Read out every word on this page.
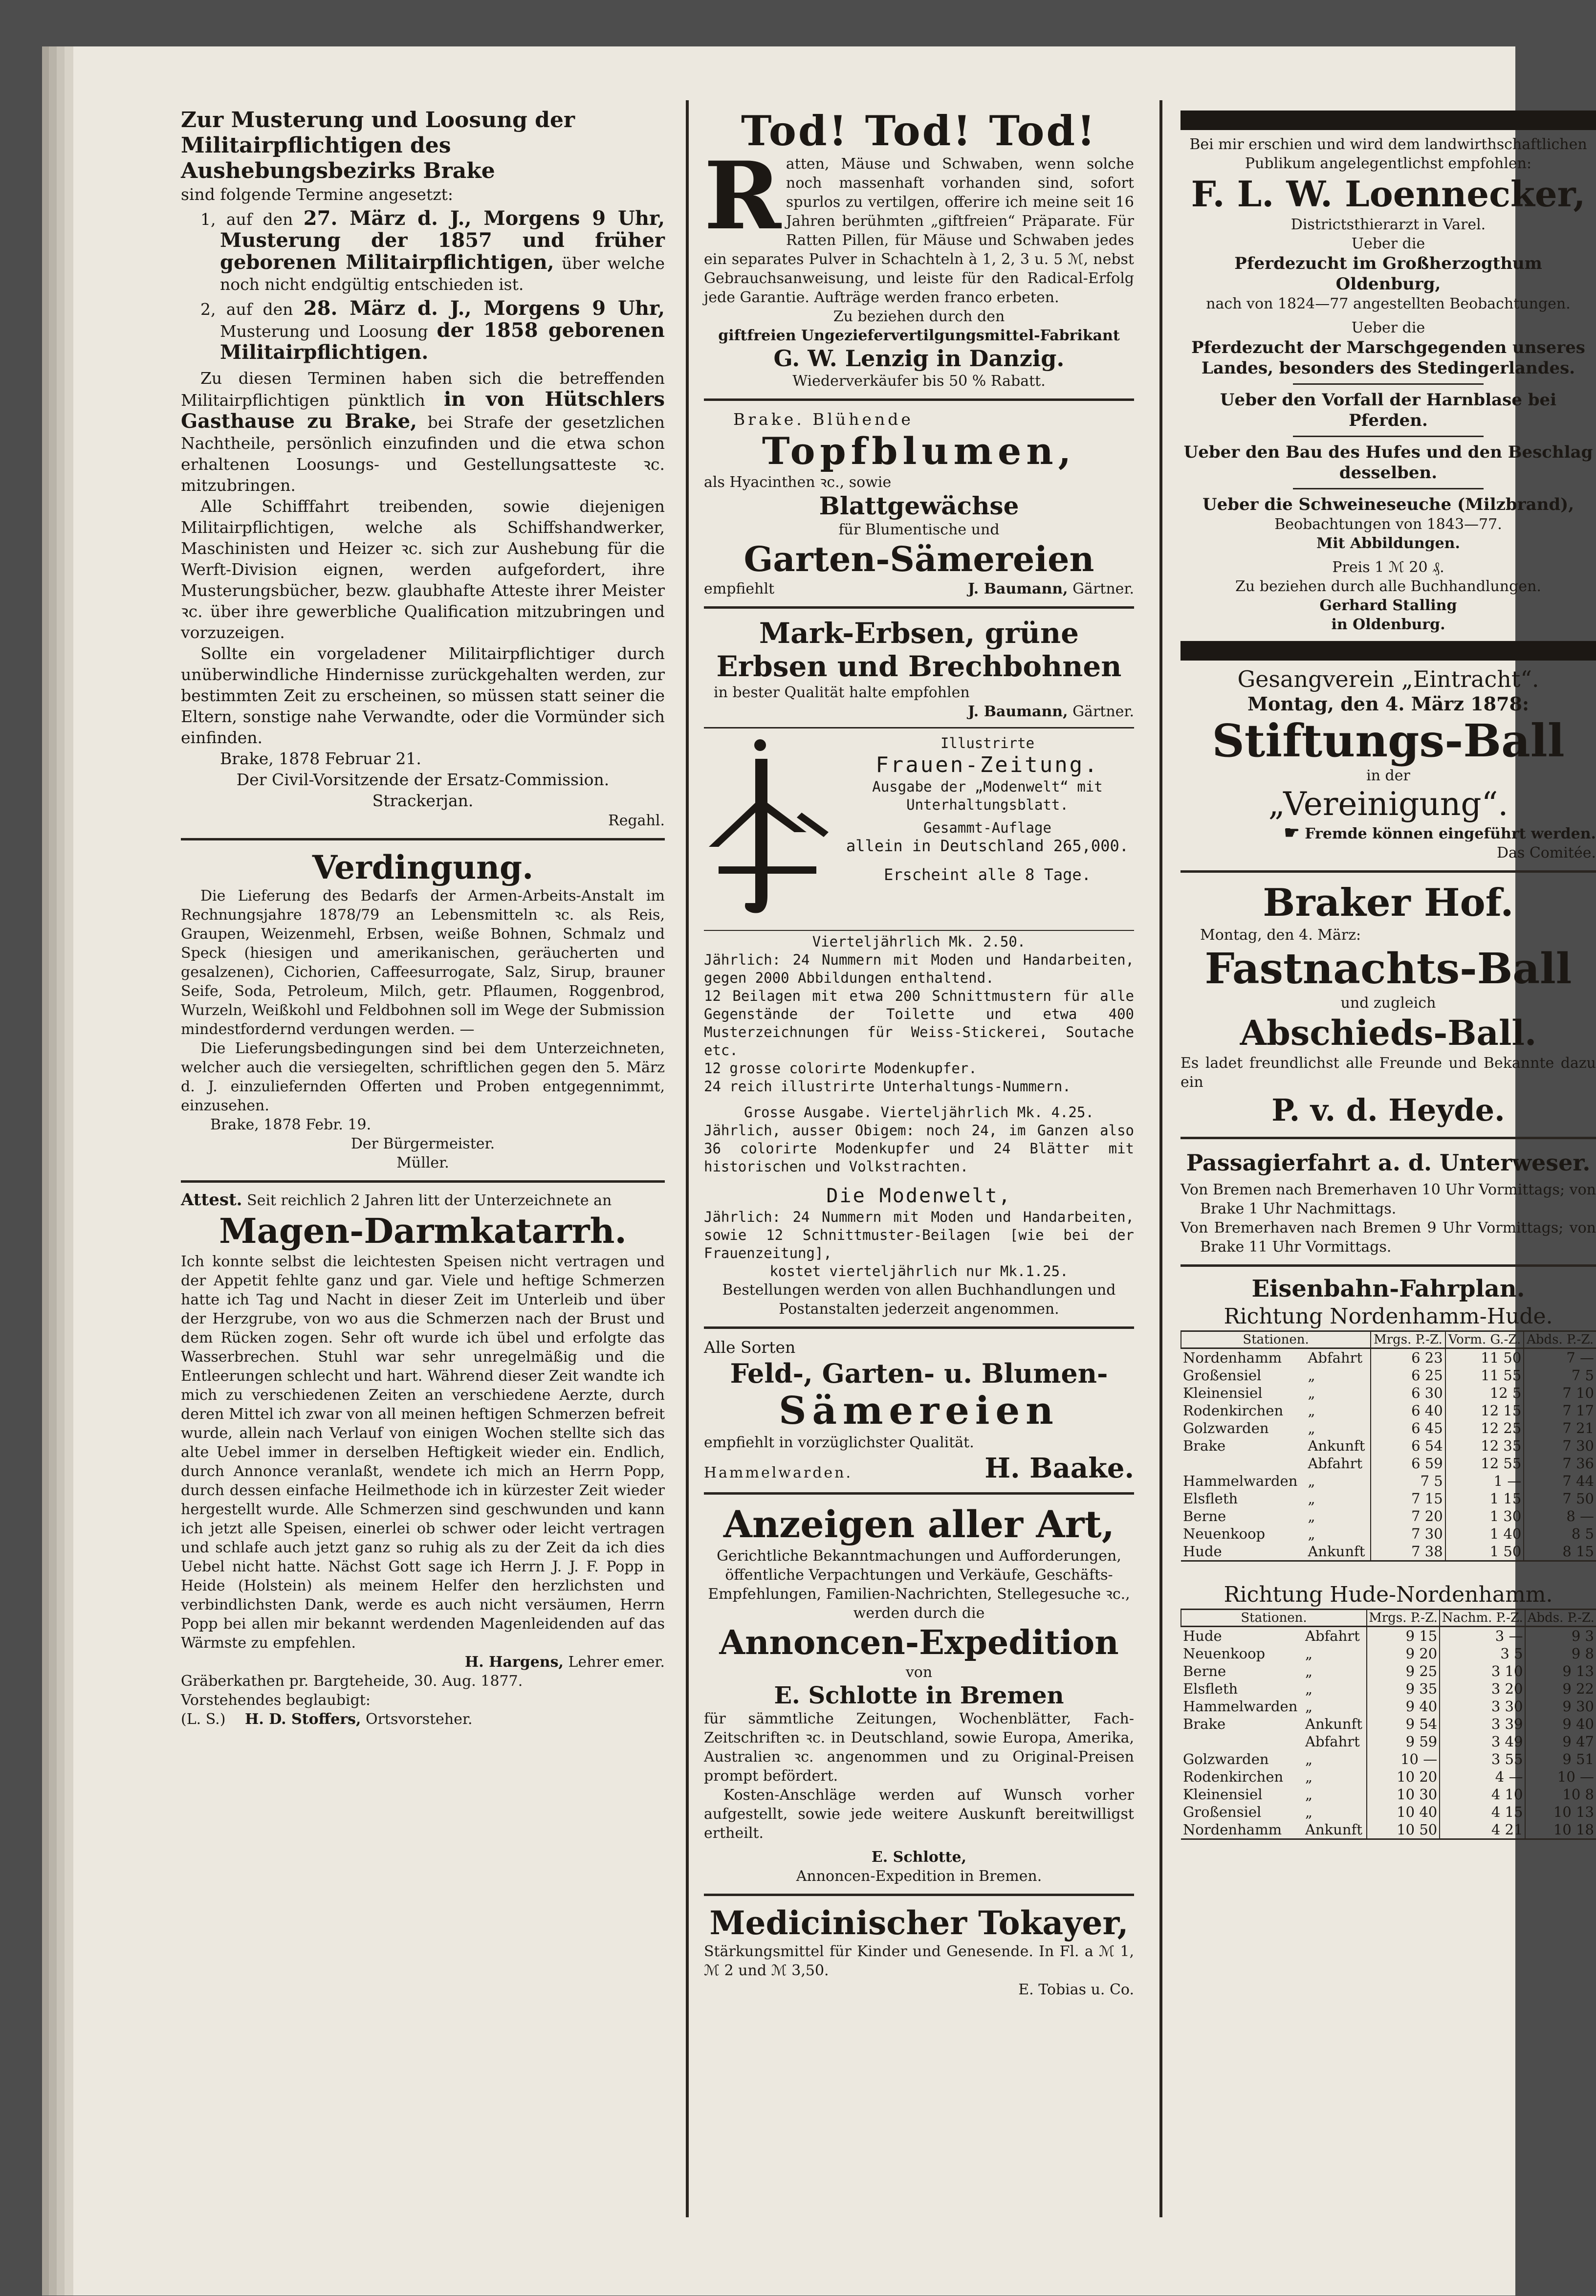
Zur Musterung und Loosung der Militairpflichtigen des Aushebungsbezirks Brake

sind folgende Termine angesetzt:

1, auf den 27. März d. J., Morgens 9 Uhr, Musterung der 1857 und früher geborenen Militairpflichtigen, über welche noch nicht endgültig entschieden ist.

2, auf den 28. März d. J., Morgens 9 Uhr, Musterung und Loosung der 1858 geborenen Militairpflichtigen.

Zu diesen Terminen haben sich die betreffenden Militairpflichtigen pünktlich in von Hütschlers Gasthause zu Brake, bei Strafe der gesetzlichen Nachtheile, persönlich einzufinden und die etwa schon erhaltenen Loosungs- und Gestellungsatteste ꝛc. mitzubringen.

Alle Schifffahrt treibenden, sowie diejenigen Militairpflichtigen, welche als Schiffshandwerker, Maschinisten und Heizer ꝛc. sich zur Aushebung für die Werft-Division eignen, werden aufgefordert, ihre Musterungsbücher, bezw. glaubhafte Atteste ihrer Meister ꝛc. über ihre gewerbliche Qualification mitzubringen und vorzuzeigen.

Sollte ein vorgeladener Militairpflichtiger durch unüberwindliche Hindernisse zurückgehalten werden, zur bestimmten Zeit zu erscheinen, so müssen statt seiner die Eltern, sonstige nahe Verwandte, oder die Vormünder sich einfinden.

Brake, 1878 Februar 21.

Der Civil-Vorsitzende der Ersatz-Commission.

Strackerjan.

Regahl.

Verdingung.

Die Lieferung des Bedarfs der Armen-Arbeits-Anstalt im Rechnungsjahre 1878/79 an Lebensmitteln ꝛc. als Reis, Graupen, Weizenmehl, Erbsen, weiße Bohnen, Schmalz und Speck (hiesigen und amerikanischen, geräucherten und gesalzenen), Cichorien, Caffeesurrogate, Salz, Sirup, brauner Seife, Soda, Petroleum, Milch, getr. Pflaumen, Roggenbrod, Wurzeln, Weißkohl und Feldbohnen soll im Wege der Submission mindestfordernd verdungen werden. —

Die Lieferungsbedingungen sind bei dem Unterzeichneten, welcher auch die versiegelten, schriftlichen gegen den 5. März d. J. einzuliefernden Offerten und Proben entgegennimmt, einzusehen.

Brake, 1878 Febr. 19.

Der Bürgermeister.

Müller.

Attest. Seit reichlich 2 Jahren litt der Unterzeichnete an

Magen-Darmkatarrh.

Ich konnte selbst die leichtesten Speisen nicht vertragen und der Appetit fehlte ganz und gar. Viele und heftige Schmerzen hatte ich Tag und Nacht in dieser Zeit im Unterleib und über der Herzgrube, von wo aus die Schmerzen nach der Brust und dem Rücken zogen. Sehr oft wurde ich übel und erfolgte das Wasserbrechen. Stuhl war sehr unregelmäßig und die Entleerungen schlecht und hart. Während dieser Zeit wandte ich mich zu verschiedenen Zeiten an verschiedene Aerzte, durch deren Mittel ich zwar von all meinen heftigen Schmerzen befreit wurde, allein nach Verlauf von einigen Wochen stellte sich das alte Uebel immer in derselben Heftigkeit wieder ein. Endlich, durch Annonce veranlaßt, wendete ich mich an Herrn Popp, durch dessen einfache Heilmethode ich in kürzester Zeit wieder hergestellt wurde. Alle Schmerzen sind geschwunden und kann ich jetzt alle Speisen, einerlei ob schwer oder leicht vertragen und schlafe auch jetzt ganz so ruhig als zu der Zeit da ich dies Uebel nicht hatte. Nächst Gott sage ich Herrn J. J. F. Popp in Heide (Holstein) als meinem Helfer den herzlichsten und verbindlichsten Dank, werde es auch nicht versäumen, Herrn Popp bei allen mir bekannt werdenden Magenleidenden auf das Wärmste zu empfehlen.

H. Hargens, Lehrer emer.

Gräberkathen pr. Bargteheide, 30. Aug. 1877.

Vorstehendes beglaubigt:

(L. S.) H. D. Stoffers, Ortsvorsteher.

Tod! Tod! Tod!

R atten, Mäuse und Schwaben, wenn solche noch massenhaft vorhanden sind, sofort spurlos zu vertilgen, offerire ich meine seit 16 Jahren berühmten „giftfreien“ Präparate. Für Ratten Pillen, für Mäuse und Schwaben jedes ein separates Pulver in Schachteln à 1, 2, 3 u. 5 ℳ, nebst Gebrauchsanweisung, und leiste für den Radical-Erfolg jede Garantie. Aufträge werden franco erbeten.

Zu beziehen durch den

giftfreien Ungeziefervertilgungsmittel-Fabrikant

G. W. Lenzig in Danzig.

Wiederverkäufer bis 50 % Rabatt.

Brake. Blühende

Topfblumen,

als Hyacinthen ꝛc., sowie

Blattgewächse

für Blumentische und

Garten-Sämereien

empfiehlt	J. Baumann, Gärtner.

Mark-Erbsen, grüne Erbsen und Brechbohnen

in bester Qualität halte empfohlen

J. Baumann, Gärtner.

Illustrirte

Frauen-Zeitung.

Ausgabe der „Modenwelt“ mit Unterhaltungsblatt.

Gesammt-Auflage

allein in Deutschland 265,000.

Erscheint alle 8 Tage.

Vierteljährlich Mk. 2.50.

Jährlich: 24 Nummern mit Moden und Handarbeiten, gegen 2000 Abbildungen enthaltend.

12 Beilagen mit etwa 200 Schnittmustern für alle Gegenstände der Toilette und etwa 400 Musterzeichnungen für Weiss-Stickerei, Soutache etc.

12 grosse colorirte Modenkupfer.

24 reich illustrirte Unterhaltungs-Nummern.

Grosse Ausgabe. Vierteljährlich Mk. 4.25.

Jährlich, ausser Obigem: noch 24, im Ganzen also 36 colorirte Modenkupfer und 24 Blätter mit historischen und Volkstrachten.

Die Modenwelt,

Jährlich: 24 Nummern mit Moden und Handarbeiten, sowie 12 Schnittmuster-Beilagen [wie bei der Frauenzeitung],

kostet vierteljährlich nur Mk.1.25.

Bestellungen werden von allen Buchhandlungen und Postanstalten jederzeit angenommen.

Alle Sorten

Feld-, Garten- u. Blumen-

Sämereien

empfiehlt in vorzüglichster Qualität.

Hammelwarden.	H. Baake.

Anzeigen aller Art,

Gerichtliche Bekanntmachungen und Aufforderungen, öffentliche Verpachtungen und Verkäufe, Geschäfts-Empfehlungen, Familien-Nachrichten, Stellegesuche ꝛc., werden durch die

Annoncen-Expedition

von

E. Schlotte in Bremen

für sämmtliche Zeitungen, Wochenblätter, Fach-Zeitschriften ꝛc. in Deutschland, sowie Europa, Amerika, Australien ꝛc. angenommen und zu Original-Preisen prompt befördert.

Kosten-Anschläge werden auf Wunsch vorher aufgestellt, sowie jede weitere Auskunft bereitwilligst ertheilt.

E. Schlotte,

Annoncen-Expedition in Bremen.

Medicinischer Tokayer,

Stärkungsmittel für Kinder und Genesende. In Fl. a ℳ 1, ℳ 2 und ℳ 3,50.

E. Tobias u. Co.

Bei mir erschien und wird dem landwirthschaftlichen Publikum angelegentlichst empfohlen:

F. L. W. Loennecker,

Districtsthierarzt in Varel.

Ueber die

Pferdezucht im Großherzogthum Oldenburg,

nach von 1824—77 angestellten Beobachtungen.

Ueber die

Pferdezucht der Marschgegenden unseres Landes, besonders des Stedingerlandes.

Ueber den Vorfall der Harnblase bei Pferden.

Ueber den Bau des Hufes und den Beschlag desselben.

Ueber die Schweineseuche (Milzbrand),

Beobachtungen von 1843—77.

Mit Abbildungen.

Preis 1 ℳ 20 ₰.

Zu beziehen durch alle Buchhandlungen.

Gerhard Stalling

in Oldenburg.

Gesangverein „Eintracht“.

Montag, den 4. März 1878:

Stiftungs-Ball

in der

„Vereinigung“.

☛ Fremde können eingeführt werden.

Das Comitée.

Braker Hof.

Montag, den 4. März:

Fastnachts-Ball

und zugleich

Abschieds-Ball.

Es ladet freundlichst alle Freunde und Bekannte dazu ein

P. v. d. Heyde.

Passagierfahrt a. d. Unterweser.

Von Bremen nach Bremerhaven 10 Uhr Vormittags; von Brake 1 Uhr Nachmittags.

Von Bremerhaven nach Bremen 9 Uhr Vormittags; von Brake 11 Uhr Vormittags.

Eisenbahn-Fahrplan.

Richtung Nordenhamm-Hude.

Stationen.		Mrgs. P.-Z.	Vorm. G.-Z.	Abds. P.-Z.
Nordenhamm	Abfahrt	6 23	11 50	7 —
Großensiel	„	6 25	11 55	7 5
Kleinensiel	„	6 30	12 5	7 10
Rodenkirchen	„	6 40	12 15	7 17
Golzwarden	„	6 45	12 25	7 21
Brake	Ankunft	6 54	12 35	7 30
	Abfahrt	6 59	12 55	7 36
Hammelwarden	„	7 5	1 —	7 44
Elsfleth	„	7 15	1 15	7 50
Berne	„	7 20	1 30	8 —
Neuenkoop	„	7 30	1 40	8 5
Hude	Ankunft	7 38	1 50	8 15

Richtung Hude-Nordenhamm.

Stationen.		Mrgs. P.-Z.	Nachm. P.-Z.	Abds. P.-Z.
Hude	Abfahrt	9 15	3 —	9 3
Neuenkoop	„	9 20	3 5	9 8
Berne	„	9 25	3 10	9 13
Elsfleth	„	9 35	3 20	9 22
Hammelwarden	„	9 40	3 30	9 30
Brake	Ankunft	9 54	3 39	9 40
	Abfahrt	9 59	3 49	9 47
Golzwarden	„	10 —	3 55	9 51
Rodenkirchen	„	10 20	4 —	10 —
Kleinensiel	„	10 30	4 10	10 8
Großensiel	„	10 40	4 15	10 13
Nordenhamm	Ankunft	10 50	4 21	10 18
